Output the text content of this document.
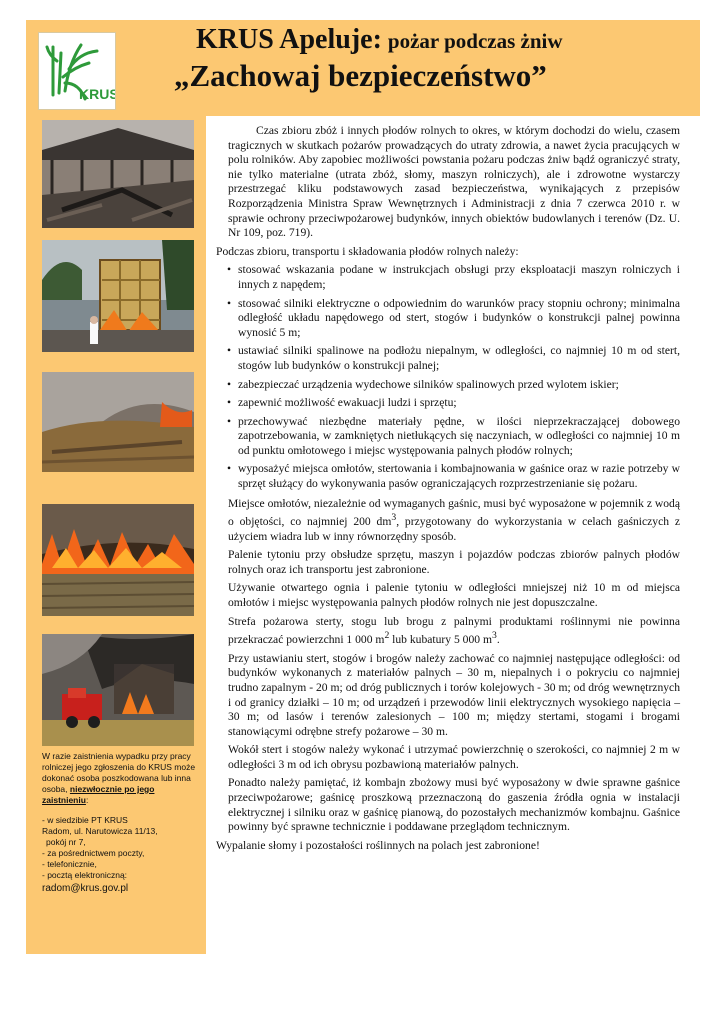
KRUS
KRUS Apeluje: pożar podczas żniw
„Zachowaj bezpieczeństwo”

W razie zaistnienia wypadku przy pracy rolniczej jego zgłoszenia do KRUS może dokonać osoba poszkodowana lub inna osoba, niezwłocznie po jego zaistnieniu:

- w siedzibie PT KRUS
Radom, ul. Narutowicza 11/13,
pokój nr 7,
- za pośrednictwem poczty,
- telefonicznie,
- pocztą elektroniczną:
radom@krus.gov.pl

Czas zbioru zbóż i innych płodów rolnych to okres, w którym dochodzi do wielu, czasem tragicznych w skutkach pożarów prowadzących do utraty zdrowia, a nawet życia pracujących w polu rolników. Aby zapobiec możliwości powstania pożaru podczas żniw bądź ograniczyć straty, nie tylko materialne (utrata zbóż, słomy, maszyn rolniczych), ale i zdrowotne wystarczy przestrzegać kliku podstawowych zasad bezpieczeństwa, wynikających z przepisów Rozporządzenia Ministra Spraw Wewnętrznych i Administracji z dnia 7 czerwca 2010 r. w sprawie ochrony przeciwpożarowej budynków, innych obiektów budowlanych i terenów (Dz. U. Nr 109, poz. 719).

Podczas zbioru, transportu i składowania płodów rolnych należy:

• stosować wskazania podane w instrukcjach obsługi przy eksploatacji maszyn rolniczych i innych z napędem;
• stosować silniki elektryczne o odpowiednim do warunków pracy stopniu ochrony; minimalna odległość układu napędowego od stert, stogów i budynków o konstrukcji palnej powinna wynosić 5 m;
• ustawiać silniki spalinowe na podłożu niepalnym, w odległości, co najmniej 10 m od stert, stogów lub budynków o konstrukcji palnej;
• zabezpieczać urządzenia wydechowe silników spalinowych przed wylotem iskier;
• zapewnić możliwość ewakuacji ludzi i sprzętu;
• przechowywać niezbędne materiały pędne, w ilości nieprzekraczającej dobowego zapotrzebowania, w zamkniętych nietłukących się naczyniach, w odległości co najmniej 10 m od punktu omłotowego i miejsc występowania palnych płodów rolnych;
• wyposażyć miejsca omłotów, stertowania i kombajnowania w gaśnice oraz w razie potrzeby w sprzęt służący do wykonywania pasów ograniczających rozprzestrzenianie się pożaru.

Miejsce omłotów, niezależnie od wymaganych gaśnic, musi być wyposażone w pojemnik z wodą o objętości, co najmniej 200 $dm^3$, przygotowany do wykorzystania w celach gaśniczych z użyciem wiadra lub w inny równorzędny sposób.

Palenie tytoniu przy obsłudze sprzętu, maszyn i pojazdów podczas zbiorów palnych płodów rolnych oraz ich transportu jest zabronione.

Używanie otwartego ognia i palenie tytoniu w odległości mniejszej niż 10 m od miejsca omłotów i miejsc występowania palnych płodów rolnych nie jest dopuszczalne.

Strefa pożarowa sterty, stogu lub brogu z palnymi produktami roślinnymi nie powinna przekraczać powierzchni 1 000 $m^2$ lub kubatury 5 000 $m^3$.

Przy ustawianiu stert, stogów i brogów należy zachować co najmniej następujące odległości: od budynków wykonanych z materiałów palnych – 30 m, niepalnych i o pokryciu co najmniej trudno zapalnym - 20 m; od dróg publicznych i torów kolejowych - 30 m; od dróg wewnętrznych i od granicy działki – 10 m; od urządzeń i przewodów linii elektrycznych wysokiego napięcia – 30 m; od lasów i terenów zalesionych – 100 m; między stertami, stogami i brogami stanowiącymi odrębne strefy pożarowe – 30 m.

Wokół stert i stogów należy wykonać i utrzymać powierzchnię o szerokości, co najmniej 2 m w odległości 3 m od ich obrysu pozbawioną materiałów palnych.

Ponadto należy pamiętać, iż kombajn zbożowy musi być wyposażony w dwie sprawne gaśnice przeciwpożarowe; gaśnicę proszkową przeznaczoną do gaszenia źródła ognia w instalacji elektrycznej i silniku oraz w gaśnicę pianową, do pozostałych mechanizmów kombajnu. Gaśnice powinny być sprawne technicznie i poddawane przeglądom technicznym.

Wypalanie słomy i pozostałości roślinnych na polach jest zabronione!
